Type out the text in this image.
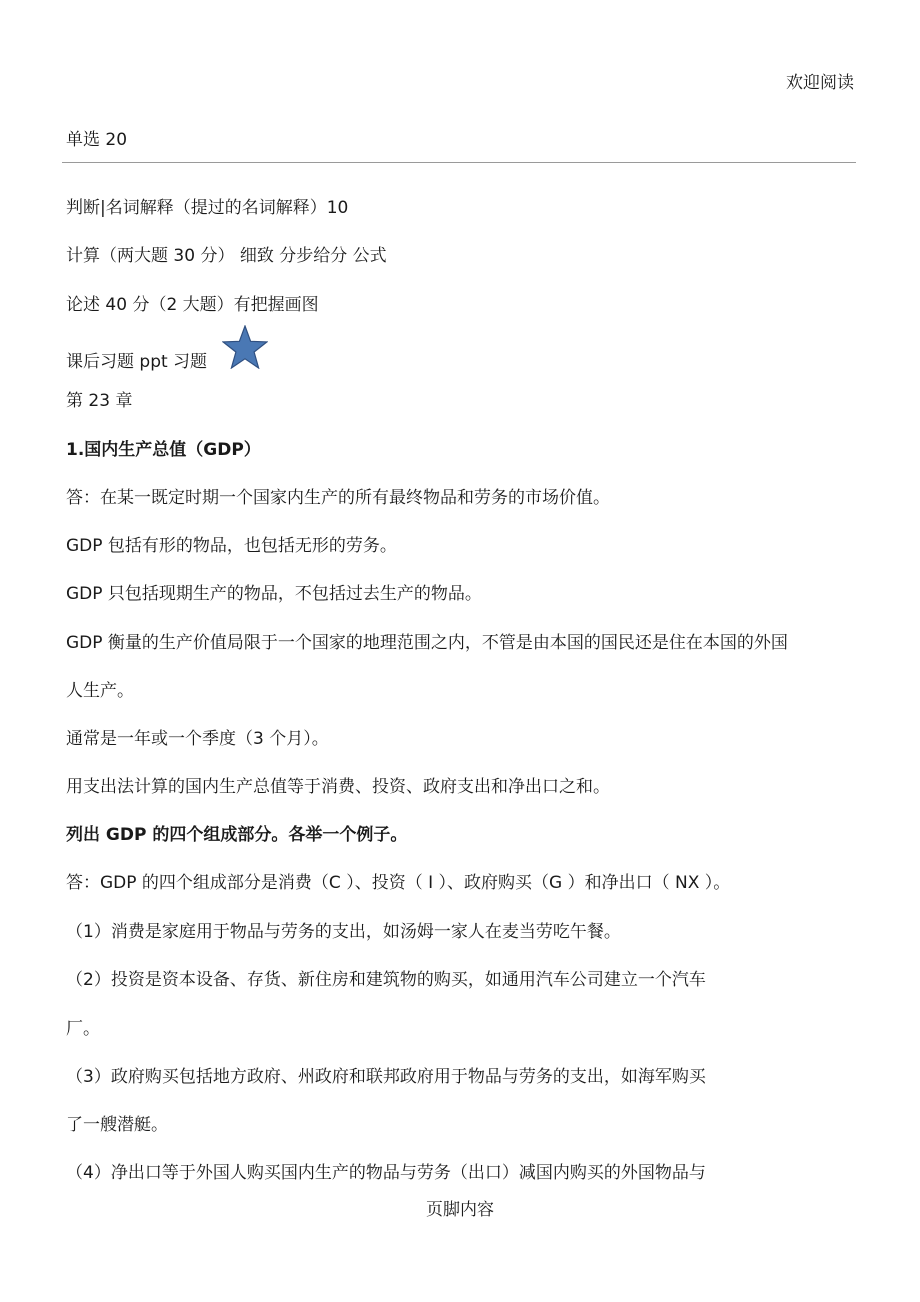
欢迎阅读
单选 20
判断|名词解释（提过的名词解释）10
计算（两大题 30 分） 细致 分步给分 公式
论述 40 分（2 大题）有把握画图
课后习题 ppt 习题
第 23 章
1.国内生产总值（GDP）
答：在某一既定时期一个国家内生产的所有最终物品和劳务的市场价值。
GDP 包括有形的物品，也包括无形的劳务。
GDP 只包括现期生产的物品，不包括过去生产的物品。
GDP 衡量的生产价值局限于一个国家的地理范围之内，不管是由本国的国民还是住在本国的外国
人生产。
通常是一年或一个季度（3 个月）。
用支出法计算的国内生产总值等于消费、投资、政府支出和净出口之和。
列出 GDP 的四个组成部分。各举一个例子。
答：GDP 的四个组成部分是消费（C ）、投资（ I ）、政府购买（G ）和净出口（ NX ）。
（1）消费是家庭用于物品与劳务的支出，如汤姆一家人在麦当劳吃午餐。
（2）投资是资本设备、存货、新住房和建筑物的购买，如通用汽车公司建立一个汽车
厂。
（3）政府购买包括地方政府、州政府和联邦政府用于物品与劳务的支出，如海军购买
了一艘潜艇。
（4）净出口等于外国人购买国内生产的物品与劳务（出口）减国内购买的外国物品与
页脚内容
